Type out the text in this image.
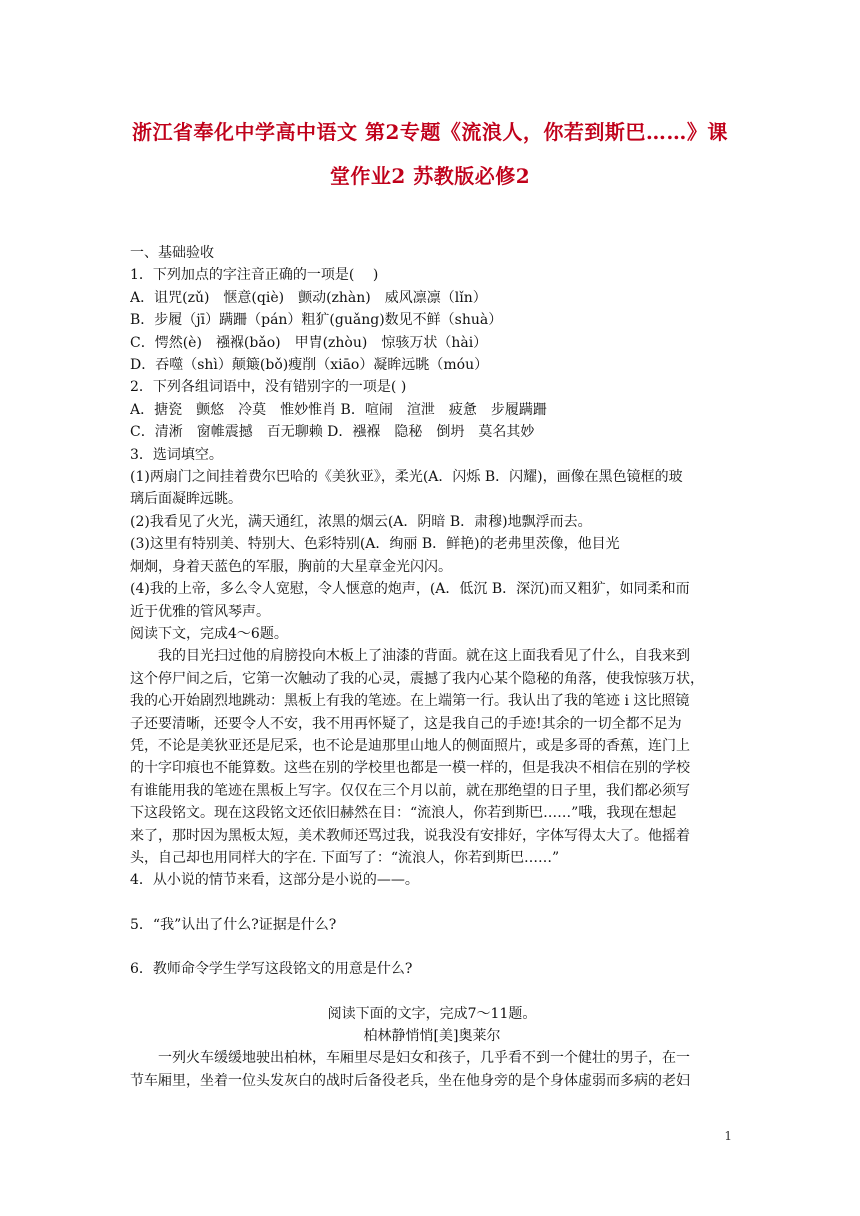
浙江省奉化中学高中语文 第2专题《流浪人，你若到斯巴……》课
堂作业2 苏教版必修2
一、基础验收
1．下列加点的字注音正确的一项是(　 )
A．诅咒(zǔ)　惬意(qiè)　颤动(zhàn)　威风凛凛（lǐn）
B．步履（jī）蹒跚（pán）粗犷(guǎng)数见不鲜（shuà）
C．愕然(è)　襁褓(bǎo)　甲胄(zhòu)　惊骇万状（hài）
D．吞噬（shì）颠簸(bǒ)瘦削（xiāo）凝眸远眺（móu）
2．下列各组词语中，没有错别字的一项是( )
A．搪瓷　颤悠　冷莫　惟妙惟肖 B．喧闹　渲泄　疲惫　步履蹒跚
C．清淅　窗帷震撼　百无聊赖 D．襁褓　隐秘　倒坍　莫名其妙
3．选词填空。
(1)两扇门之间挂着费尔巴哈的《美狄亚》，柔光(A．闪烁 B．闪耀)，画像在黑色镜框的玻
璃后面凝眸远眺。
(2)我看见了火光，满天通红，浓黑的烟云(A．阴暗 B．肃穆)地飘浮而去。
(3)这里有特别美、特别大、色彩特别(A．绚丽 B．鲜艳)的老弗里茨像，他目光
炯炯，身着天蓝色的军服，胸前的大星章金光闪闪。
(4)我的上帝，多么令人宽慰，令人惬意的炮声，(A．低沉 B．深沉)而又粗犷，如同柔和而
近于优雅的管风琴声。
阅读下文，完成4～6题。
我的目光扫过他的肩膀投向木板上了油漆的背面。就在这上面我看见了什么，自我来到
这个停尸间之后，它第一次触动了我的心灵，震撼了我内心某个隐秘的角落，使我惊骇万状，
我的心开始剧烈地跳动：黑板上有我的笔迹。在上端第一行。我认出了我的笔迹 i 这比照镜
子还要清晰，还要令人不安，我不用再怀疑了，这是我自己的手迹!其余的一切全都不足为
凭，不论是美狄亚还是尼采，也不论是迪那里山地人的侧面照片，或是多哥的香蕉，连门上
的十字印痕也不能算数。这些在别的学校里也都是一模一样的，但是我决不相信在别的学校
有谁能用我的笔迹在黑板上写字。仅仅在三个月以前，就在那绝望的日子里，我们都必须写
下这段铭文。现在这段铭文还依旧赫然在目：“流浪人，你若到斯巴……”哦，我现在想起
来了，那时因为黑板太短，美术教师还骂过我，说我没有安排好，字体写得太大了。他摇着
头，自己却也用同样大的字在. 下面写了：“流浪人，你若到斯巴……”
4．从小说的情节来看，这部分是小说的——。
5．“我”认出了什么?证据是什么?
6．教师命令学生学写这段铭文的用意是什么?
阅读下面的文字，完成7～11题。
柏林静悄悄[美]奥莱尔
一列火车缓缓地驶出柏林，车厢里尽是妇女和孩子，几乎看不到一个健壮的男子，在一
节车厢里，坐着一位头发灰白的战时后备役老兵，坐在他身旁的是个身体虚弱而多病的老妇
1
